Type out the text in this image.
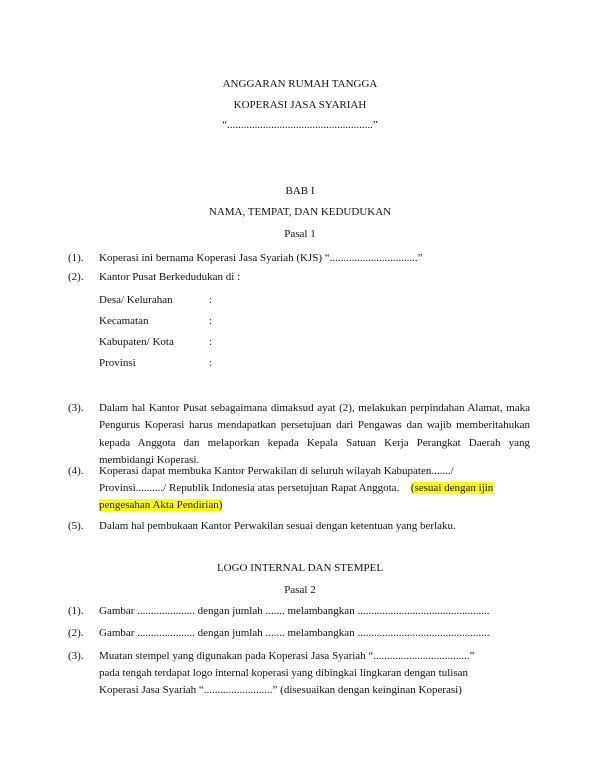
ANGGARAN RUMAH TANGGA
KOPERASI JASA SYARIAH
“.....................................................”
BAB I
NAMA, TEMPAT, DAN KEDUDUKAN
Pasal 1
(1). Koperasi ini bernama Koperasi Jasa Syariah (KJS) “................................”
(2). Kantor Pusat Berkedudukan di :
Desa/ Kelurahan	:
Kecamatan	:
Kabupaten/ Kota	:
Provinsi	:
(3). Dalam hal Kantor Pusat sebagaimana dimaksud ayat (2), melakukan perpindahan Alamat, maka Pengurus Koperasi harus mendapatkan persetujuan dari Pengawas dan wajib memberitahukan kepada Anggota dan melaporkan kepada Kepala Satuan Kerja Perangkat Daerah yang membidangi Koperasi.
(4). Koperasi dapat membuka Kantor Perwakilan di seluruh wilayah Kabupaten......./
Provinsi........../ Republik Indonesia atas persetujuan Rapat Anggota. (sesuai dengan ijin
pengesahan Akta Pendirian)
(5). Dalam hal pembukaan Kantor Perwakilan sesuai dengan ketentuan yang berlaku.
LOGO INTERNAL DAN STEMPEL
Pasal 2
(1). Gambar ..................... dengan jumlah ....... melambangkan ................................................
(2). Gambar ..................... dengan jumlah ....... melambangkan ................................................
(3). Muatan stempel yang digunakan pada Koperasi Jasa Syariah “...................................”
pada tengah terdapat logo internal koperasi yang dibingkai lingkaran dengan tulisan
Koperasi Jasa Syariah “.........................” (disesuaikan dengan keinginan Koperasi)
